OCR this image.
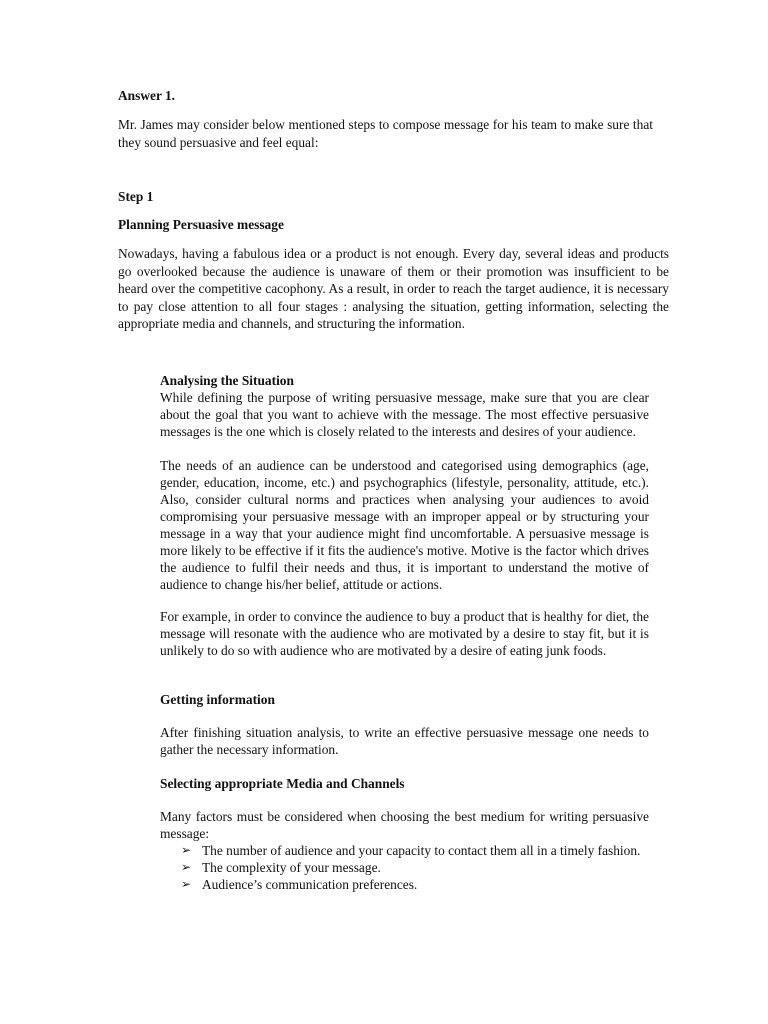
Answer 1.

Mr. James may consider below mentioned steps to compose message for his team to make sure that they sound persuasive and feel equal:

Step 1

Planning Persuasive message

Nowadays, having a fabulous idea or a product is not enough. Every day, several ideas and products go overlooked because the audience is unaware of them or their promotion was insufficient to be heard over the competitive cacophony. As a result, in order to reach the target audience, it is necessary to pay close attention to all four stages : analysing the situation, getting information, selecting the appropriate media and channels, and structuring the information.

Analysing the Situation

While defining the purpose of writing persuasive message, make sure that you are clear about the goal that you want to achieve with the message. The most effective persuasive messages is the one which is closely related to the interests and desires of your audience.

The needs of an audience can be understood and categorised using demographics (age, gender, education, income, etc.) and psychographics (lifestyle, personality, attitude, etc.). Also, consider cultural norms and practices when analysing your audiences to avoid compromising your persuasive message with an improper appeal or by structuring your message in a way that your audience might find uncomfortable. A persuasive message is more likely to be effective if it fits the audience's motive. Motive is the factor which drives the audience to fulfil their needs and thus, it is important to understand the motive of audience to change his/her belief, attitude or actions.

For example, in order to convince the audience to buy a product that is healthy for diet, the message will resonate with the audience who are motivated by a desire to stay fit, but it is unlikely to do so with audience who are motivated by a desire of eating junk foods.

Getting information

After finishing situation analysis, to write an effective persuasive message one needs to gather the necessary information.

Selecting appropriate Media and Channels

Many factors must be considered when choosing the best medium for writing persuasive message:

➢ The number of audience and your capacity to contact them all in a timely fashion.
➢ The complexity of your message.
➢ Audience’s communication preferences.
